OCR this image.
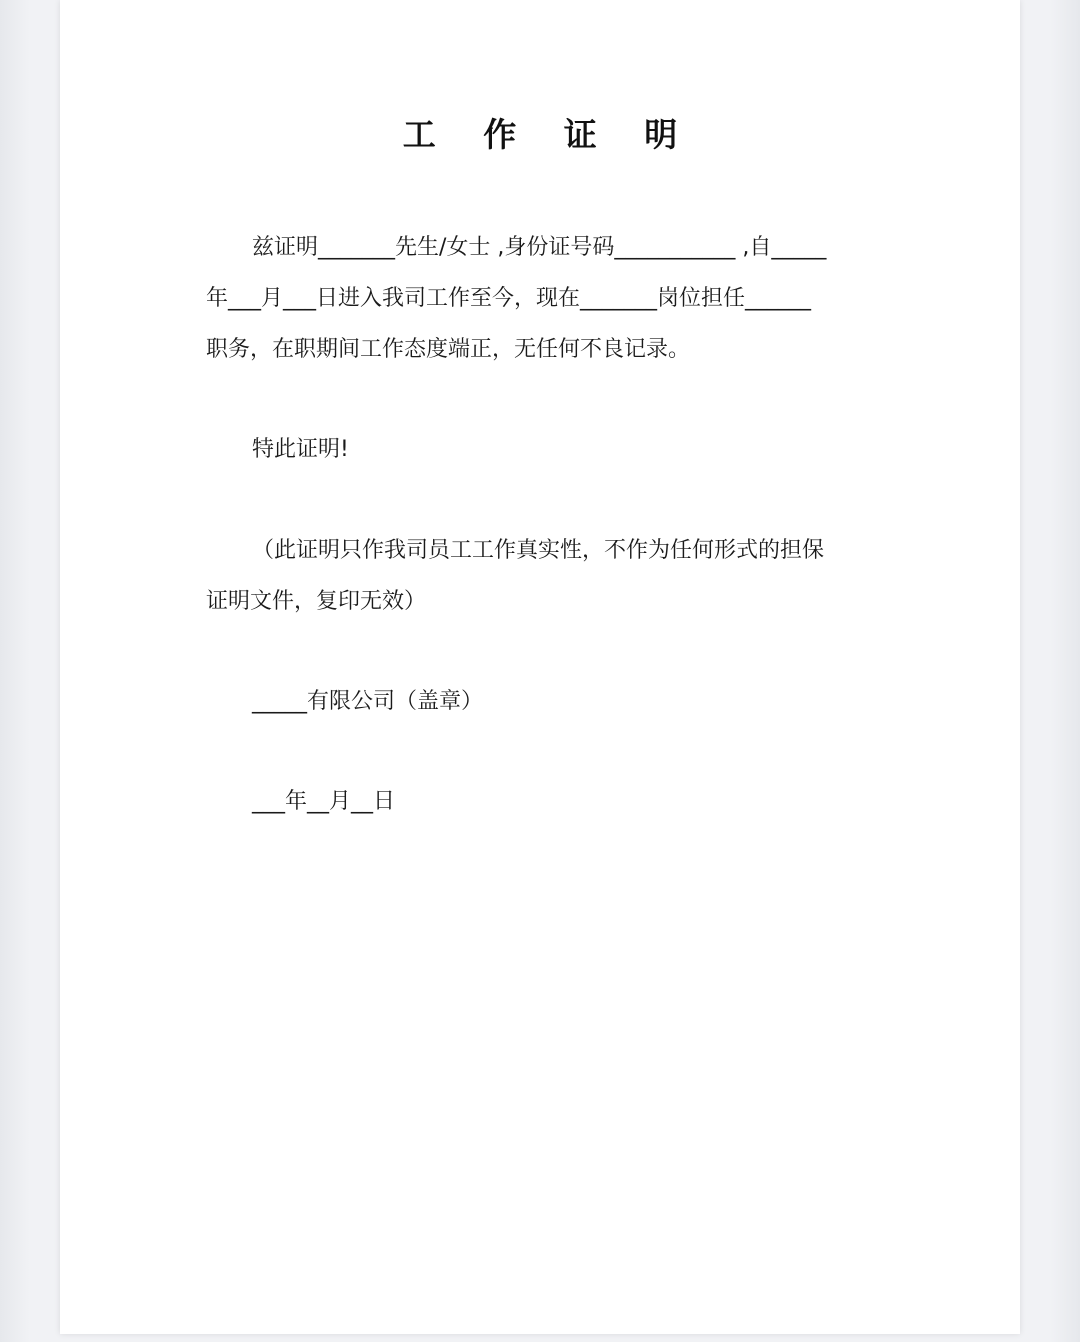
工 作 证 明
兹证明_______先生/女士 ,身份证号码___________ ,自_____
年___月___日进入我司工作至今，现在_______岗位担任______
职务，在职期间工作态度端正，无任何不良记录。
特此证明!
（此证明只作我司员工工作真实性，不作为任何形式的担保
证明文件，复印无效）
_____有限公司（盖章）
___年__月__日
